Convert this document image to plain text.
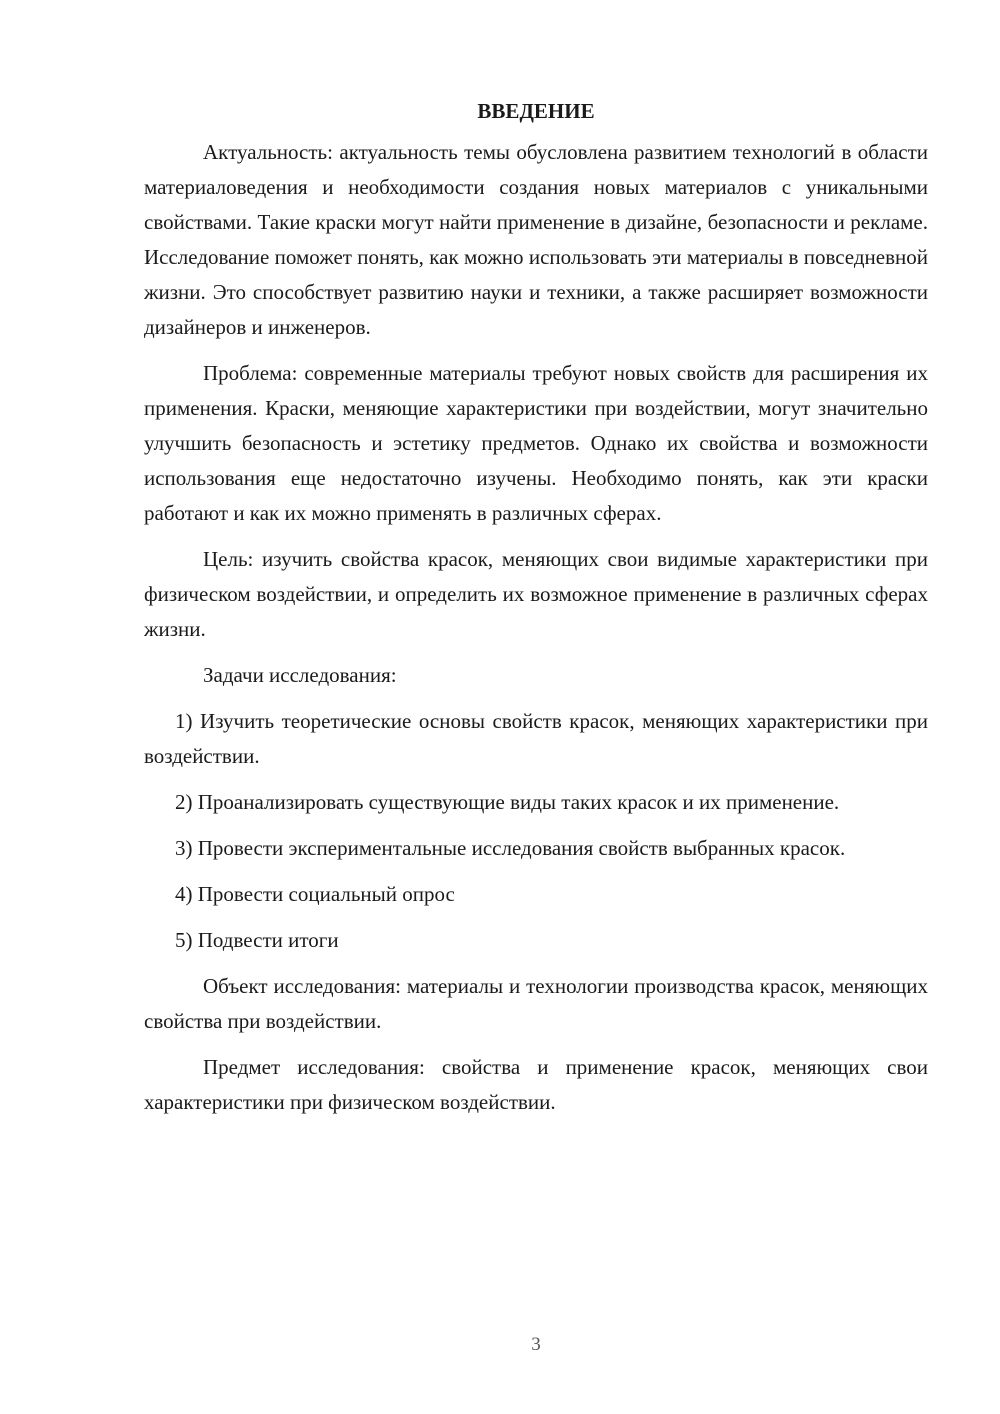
ВВЕДЕНИЕ

Актуальность: актуальность темы обусловлена развитием технологий в области материаловедения и необходимости создания новых материалов с уникальными свойствами. Такие краски могут найти применение в дизайне, безопасности и рекламе. Исследование поможет понять, как можно использовать эти материалы в повседневной жизни. Это способствует развитию науки и техники, а также расширяет возможности дизайнеров и инженеров.

Проблема: современные материалы требуют новых свойств для расширения их применения. Краски, меняющие характеристики при воздействии, могут значительно улучшить безопасность и эстетику предметов. Однако их свойства и возможности использования еще недостаточно изучены. Необходимо понять, как эти краски работают и как их можно применять в различных сферах.

Цель: изучить свойства красок, меняющих свои видимые характеристики при физическом воздействии, и определить их возможное применение в различных сферах жизни.

Задачи исследования:

1) Изучить теоретические основы свойств красок, меняющих характеристики при воздействии.

2) Проанализировать существующие виды таких красок и их применение.

3) Провести экспериментальные исследования свойств выбранных красок.

4) Провести социальный опрос

5) Подвести итоги

Объект исследования: материалы и технологии производства красок, меняющих свойства при воздействии.

Предмет исследования: свойства и применение красок, меняющих свои характеристики при физическом воздействии.

3
